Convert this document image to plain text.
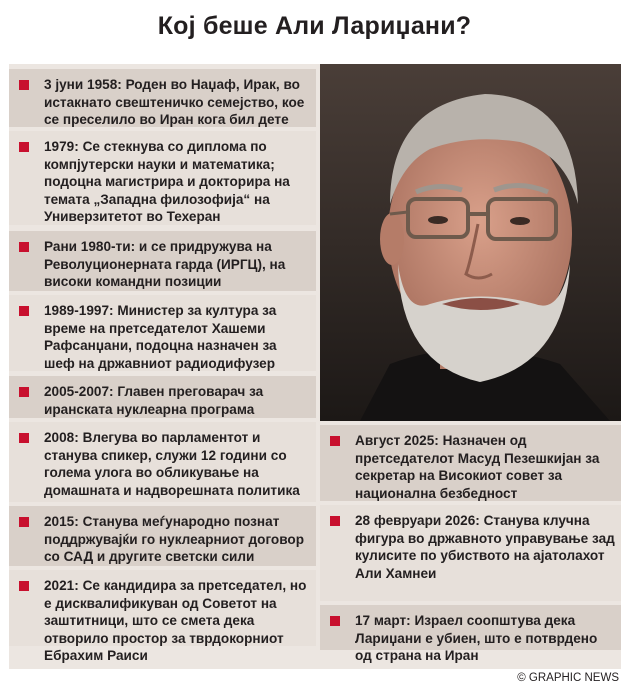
Кој беше Али Лариџани?
3 јуни 1958: Роден во Наџаф, Ирак, во истакнато свештеничко семејство, кое се преселило во Иран кога бил дете
1979: Се стекнува со диплома по компјутерски науки и математика; подоцна магистрира и докторира на темата „Западна филозофија“ на Универзитетот во Техеран
Рани 1980-ти: и се придружува на Револуционерната гарда (ИРГЦ), на високи командни позиции
1989-1997: Министер за култура за време на претседателот Хашеми Рафсанџани, подоцна назначен за шеф на државниот радиодифузер
2005-2007: Главен преговарач за иранската нуклеарна програма
2008: Влегува во парламентот и станува спикер, служи 12 години со голема улога во обликување на домашната и надворешната политика
2015: Станува меѓународно познат поддржувајќи го нуклеарниот договор со САД и другите светски сили
2021: Се кандидира за претседател, но е дисквалификуван од Советот на заштитници, што се смета дека отворило простор за тврдокорниот Ебрахим Раиси
Август 2025: Назначен од претседателот Масуд Пезешкијан за секретар на Високиот совет за национална безбедност
28 февруари 2026: Станува клучна фигура во државното управување зад кулисите по убиството на ајатолахот Али Хамнеи
17 март: Израел соопштува дека Лариџани е убиен, што е потврдено од страна на Иран
© GRAPHIC NEWS
